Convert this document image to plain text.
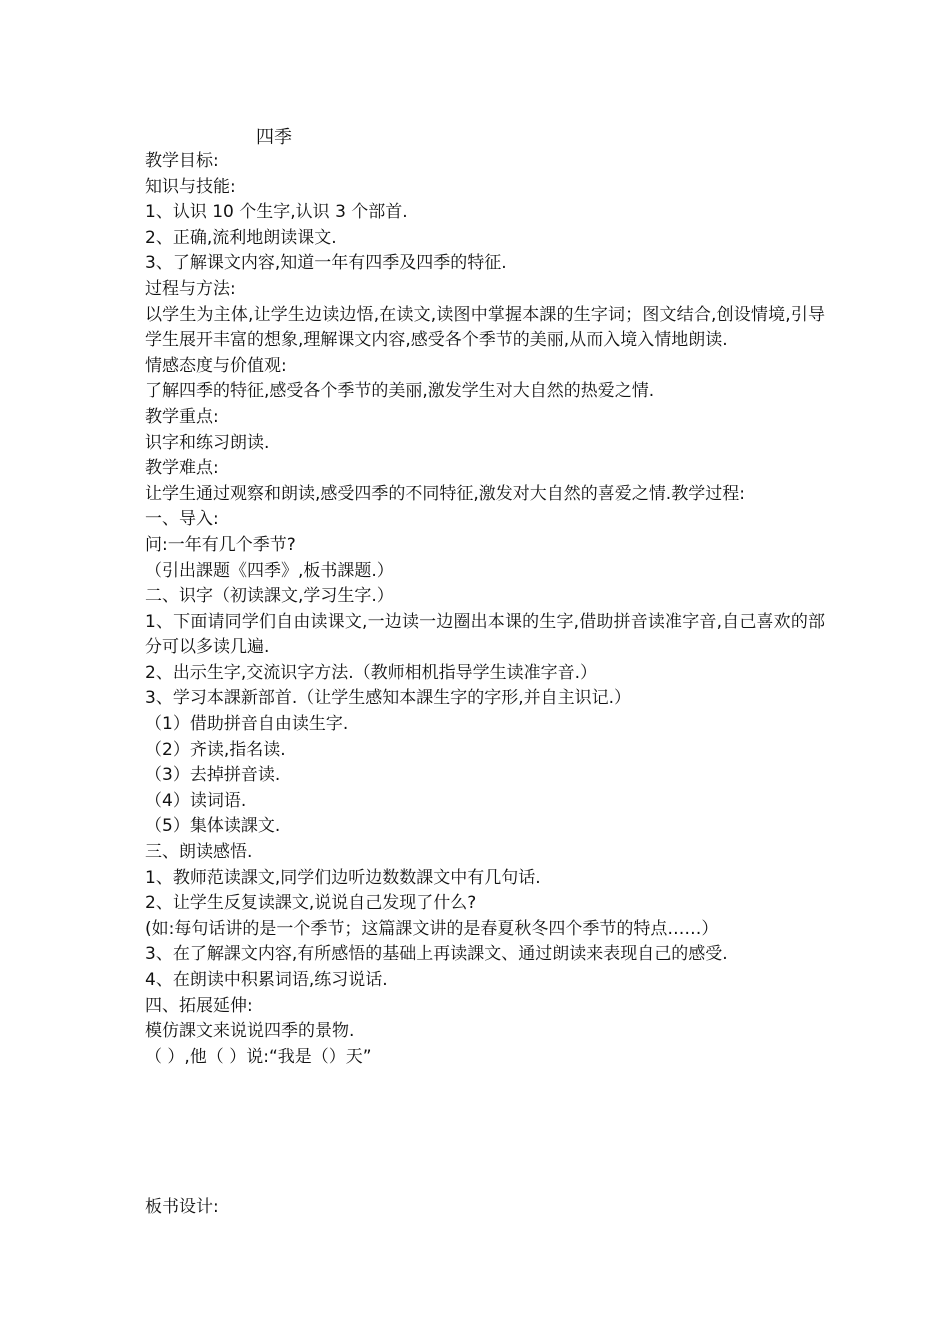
四季

教学目标:

知识与技能:

1、认识 10 个生字,认识 3 个部首.

2、正确,流利地朗读课文.

3、了解课文内容,知道一年有四季及四季的特征.

过程与方法:

以学生为主体,让学生边读边悟,在读文,读图中掌握本課的生字词；图文结合,创设情境,引导学生展开丰富的想象,理解课文内容,感受各个季节的美丽,从而入境入情地朗读.

情感态度与价值观:

了解四季的特征,感受各个季节的美丽,激发学生对大自然的热爱之情.

教学重点:

识字和练习朗读.

教学难点:

让学生通过观察和朗读,感受四季的不同特征,激发对大自然的喜爱之情.教学过程:

一、导入:

问:一年有几个季节?

（引出課题《四季》,板书課题.）

二、识字（初读課文,学习生字.）

1、下面请同学们自由读课文,一边读一边圈出本课的生字,借助拼音读准字音,自己喜欢的部分可以多读几遍.

2、出示生字,交流识字方法.（教师相机指导学生读准字音.）

3、学习本課新部首.（让学生感知本課生字的字形,并自主识记.）

（1）借助拼音自由读生字.

（2）齐读,指名读.

（3）去掉拼音读.

（4）读词语.

（5）集体读課文.

三、朗读感悟.

1、教师范读課文,同学们边听边数数課文中有几句话.

2、让学生反复读課文,说说自己发现了什么?

(如:每句话讲的是一个季节；这篇課文讲的是春夏秋冬四个季节的特点……）

3、在了解課文内容,有所感悟的基础上再读課文、通过朗读来表现自己的感受.

4、在朗读中积累词语,练习说话.

四、拓展延伸:

模仿課文来说说四季的景物.

（ ）,他（ ）说:“我是（）天”

板书设计:
